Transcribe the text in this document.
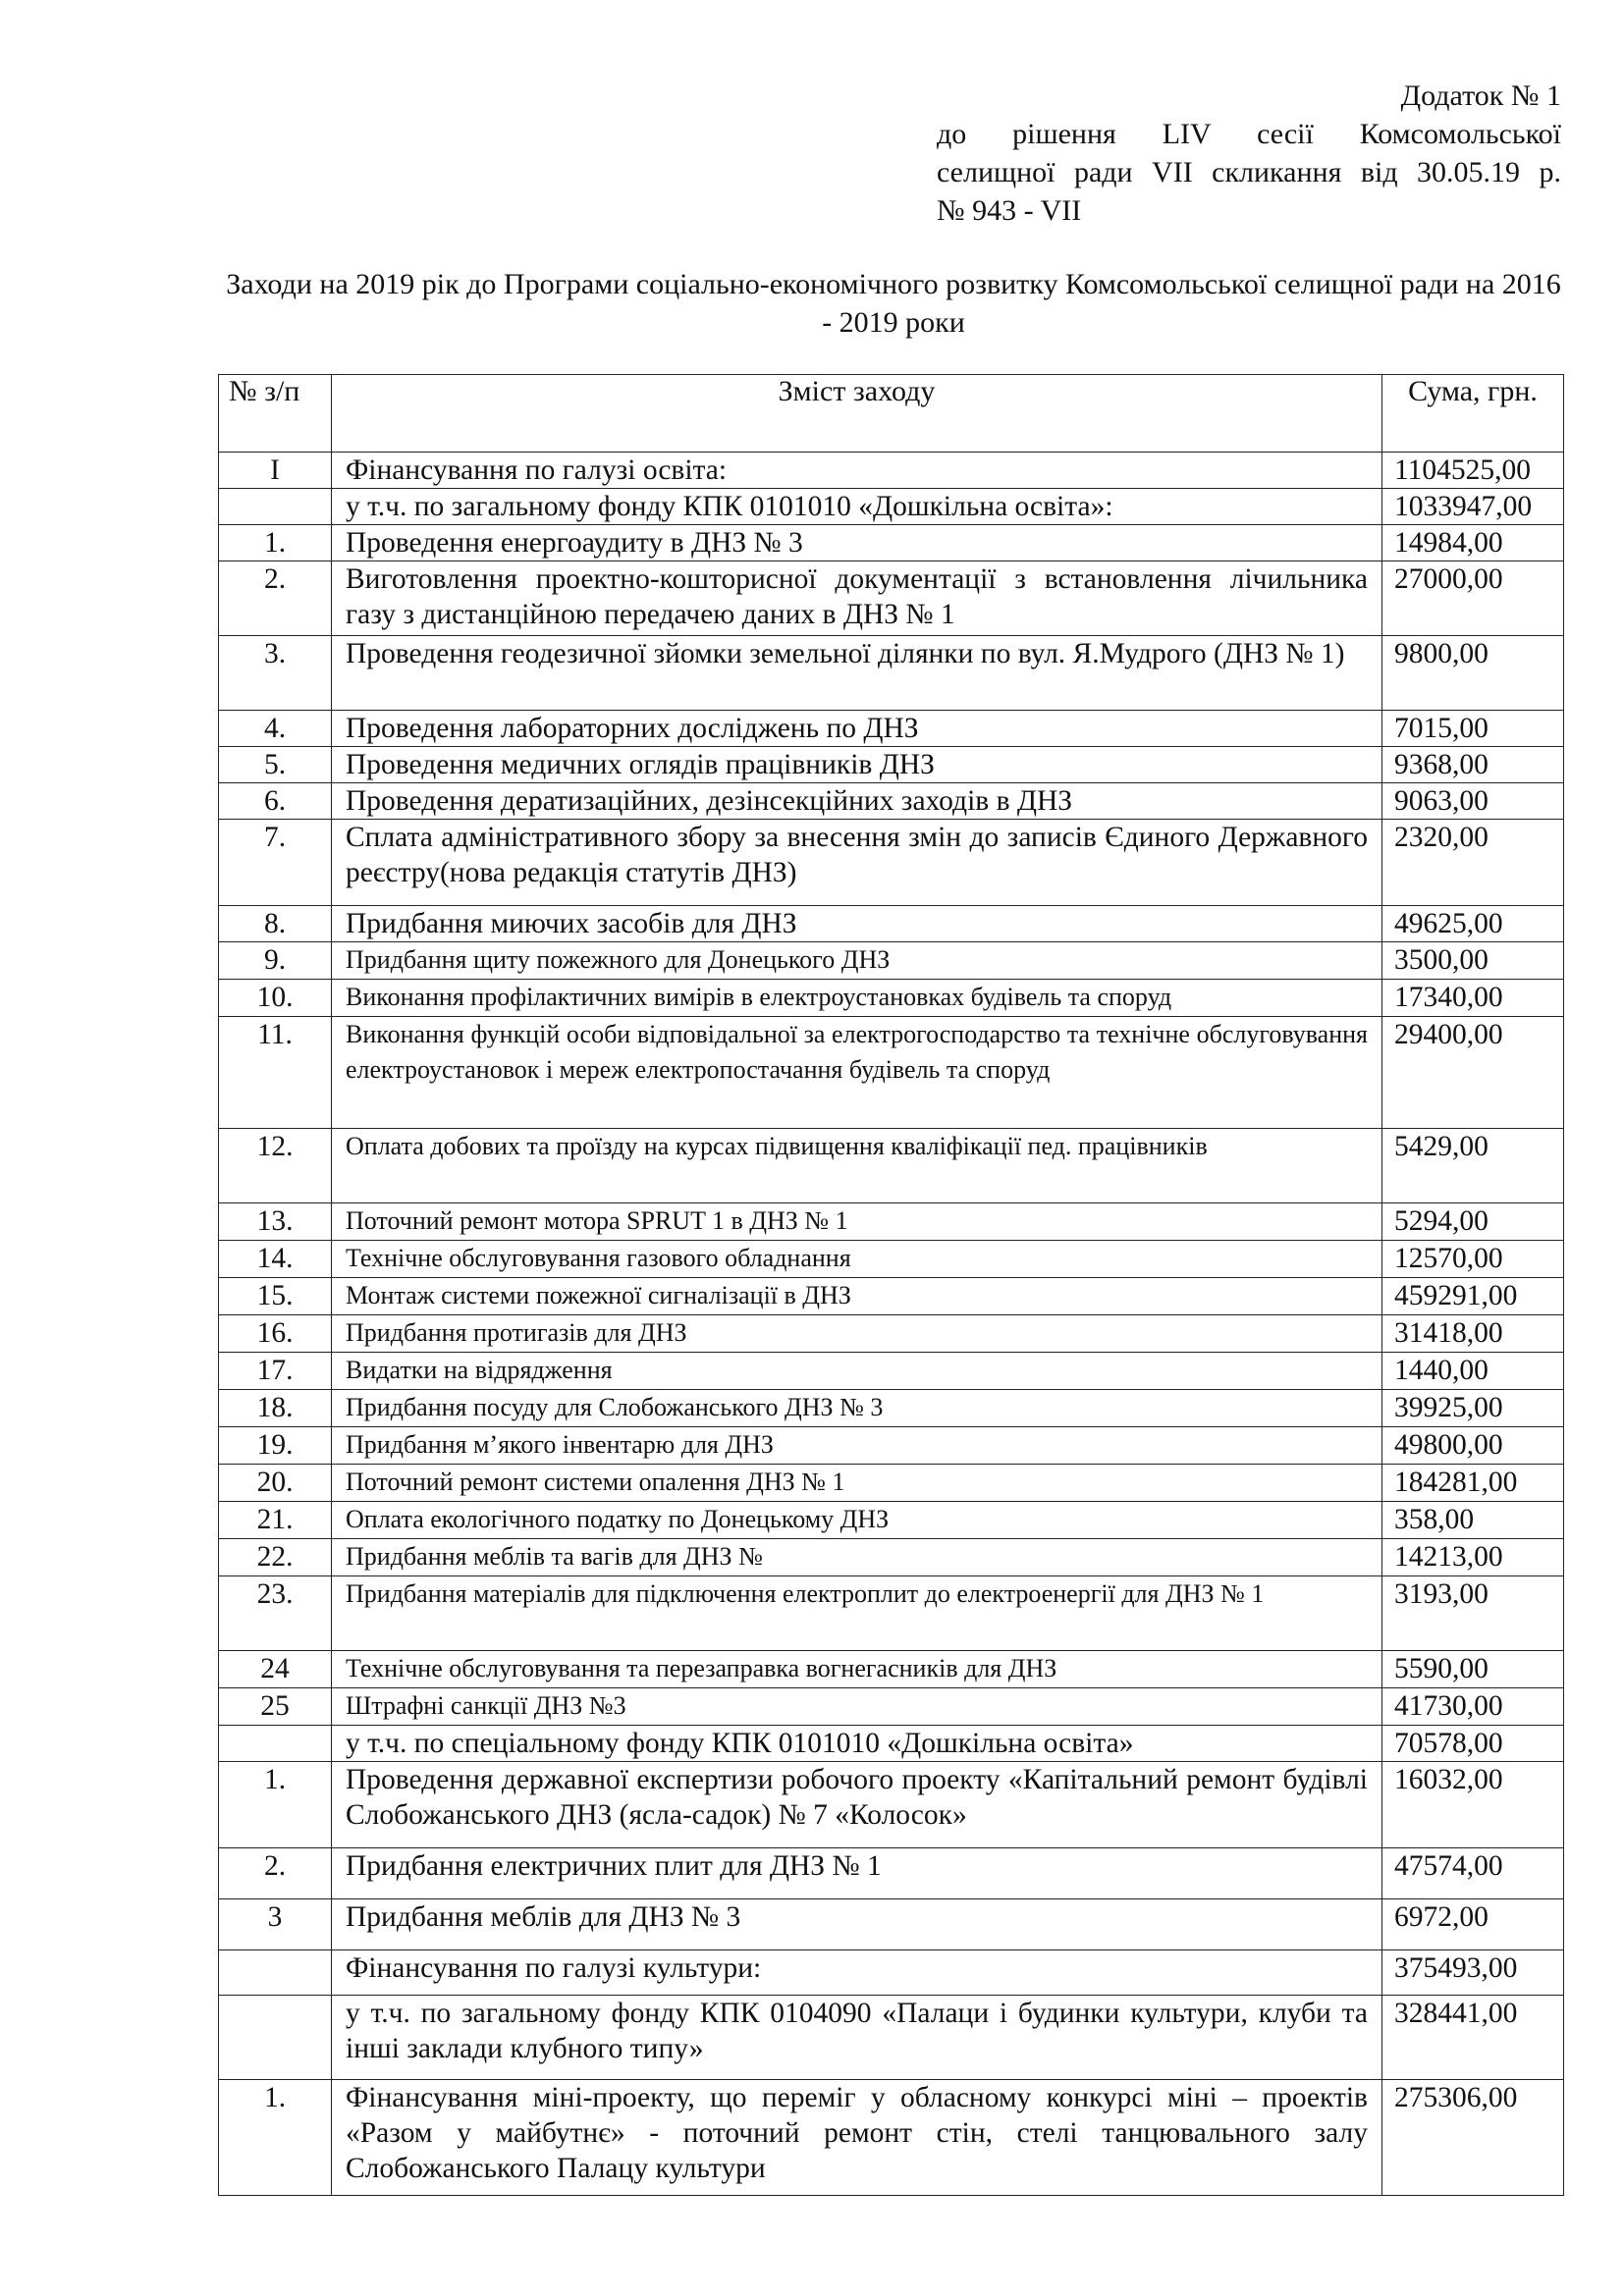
Додаток № 1
до рішення LIV сесії Комсомольської
селищної ради VII скликання від 30.05.19 р.
№ 943 - VII
Заходи на 2019 рік до Програми соціально-економічного розвитку Комсомольської селищної ради на 2016 - 2019 роки
№ з/п	Зміст заходу	Сума, грн.
I	Фінансування по галузі освіта:	1104525,00
	у т.ч. по загальному фонду КПК 0101010 «Дошкільна освіта»:	1033947,00
1.	Проведення енергоаудиту в ДНЗ № 3	14984,00
2.	Виготовлення проектно-кошторисної документації з встановлення лічильника газу з дистанційною передачею даних в ДНЗ № 1	27000,00
3.	Проведення геодезичної зйомки земельної ділянки по вул. Я.Мудрого (ДНЗ № 1)	9800,00
4.	Проведення лабораторних досліджень по ДНЗ	7015,00
5.	Проведення медичних оглядів працівників ДНЗ	9368,00
6.	Проведення дератизаційних, дезінсекційних заходів в ДНЗ	9063,00
7.	Сплата адміністративного збору за внесення змін до записів Єдиного Державного реєстру(нова редакція статутів ДНЗ)	2320,00
8.	Придбання миючих засобів для ДНЗ	49625,00
9.	Придбання щиту пожежного для Донецького ДНЗ	3500,00
10.	Виконання профілактичних вимірів в електроустановках будівель та споруд	17340,00
11.	Виконання функцій особи відповідальної за електрогосподарство та технічне обслуговування електроустановок і мереж електропостачання будівель та споруд	29400,00
12.	Оплата добових та проїзду на курсах підвищення кваліфікації пед. працівників	5429,00
13.	Поточний ремонт мотора SPRUT 1 в ДНЗ № 1	5294,00
14.	Технічне обслуговування газового обладнання	12570,00
15.	Монтаж системи пожежної сигналізації в ДНЗ	459291,00
16.	Придбання протигазів для ДНЗ	31418,00
17.	Видатки на відрядження	1440,00
18.	Придбання посуду для Слобожанського ДНЗ № 3	39925,00
19.	Придбання м’якого інвентарю для ДНЗ	49800,00
20.	Поточний ремонт системи опалення ДНЗ № 1	184281,00
21.	Оплата екологічного податку по Донецькому ДНЗ	358,00
22.	Придбання меблів та вагів для ДНЗ №	14213,00
23.	Придбання матеріалів для підключення електроплит до електроенергії для ДНЗ № 1	3193,00
24	Технічне обслуговування та перезаправка вогнегасників для ДНЗ	5590,00
25	Штрафні санкції ДНЗ №3	41730,00
	у т.ч. по спеціальному фонду КПК 0101010 «Дошкільна освіта»	70578,00
1.	Проведення державної експертизи робочого проекту «Капітальний ремонт будівлі Слобожанського ДНЗ (ясла-садок) № 7 «Колосок»	16032,00
2.	Придбання електричних плит для ДНЗ № 1	47574,00
3	Придбання меблів для ДНЗ № 3	6972,00
	Фінансування по галузі культури:	375493,00
	у т.ч. по загальному фонду КПК 0104090 «Палаци і будинки культури, клуби та інші заклади клубного типу»	328441,00
1.	Фінансування міні-проекту, що переміг у обласному конкурсі міні – проектів «Разом у майбутнє» - поточний ремонт стін, стелі танцювального залу Слобожанського Палацу культури	275306,00
